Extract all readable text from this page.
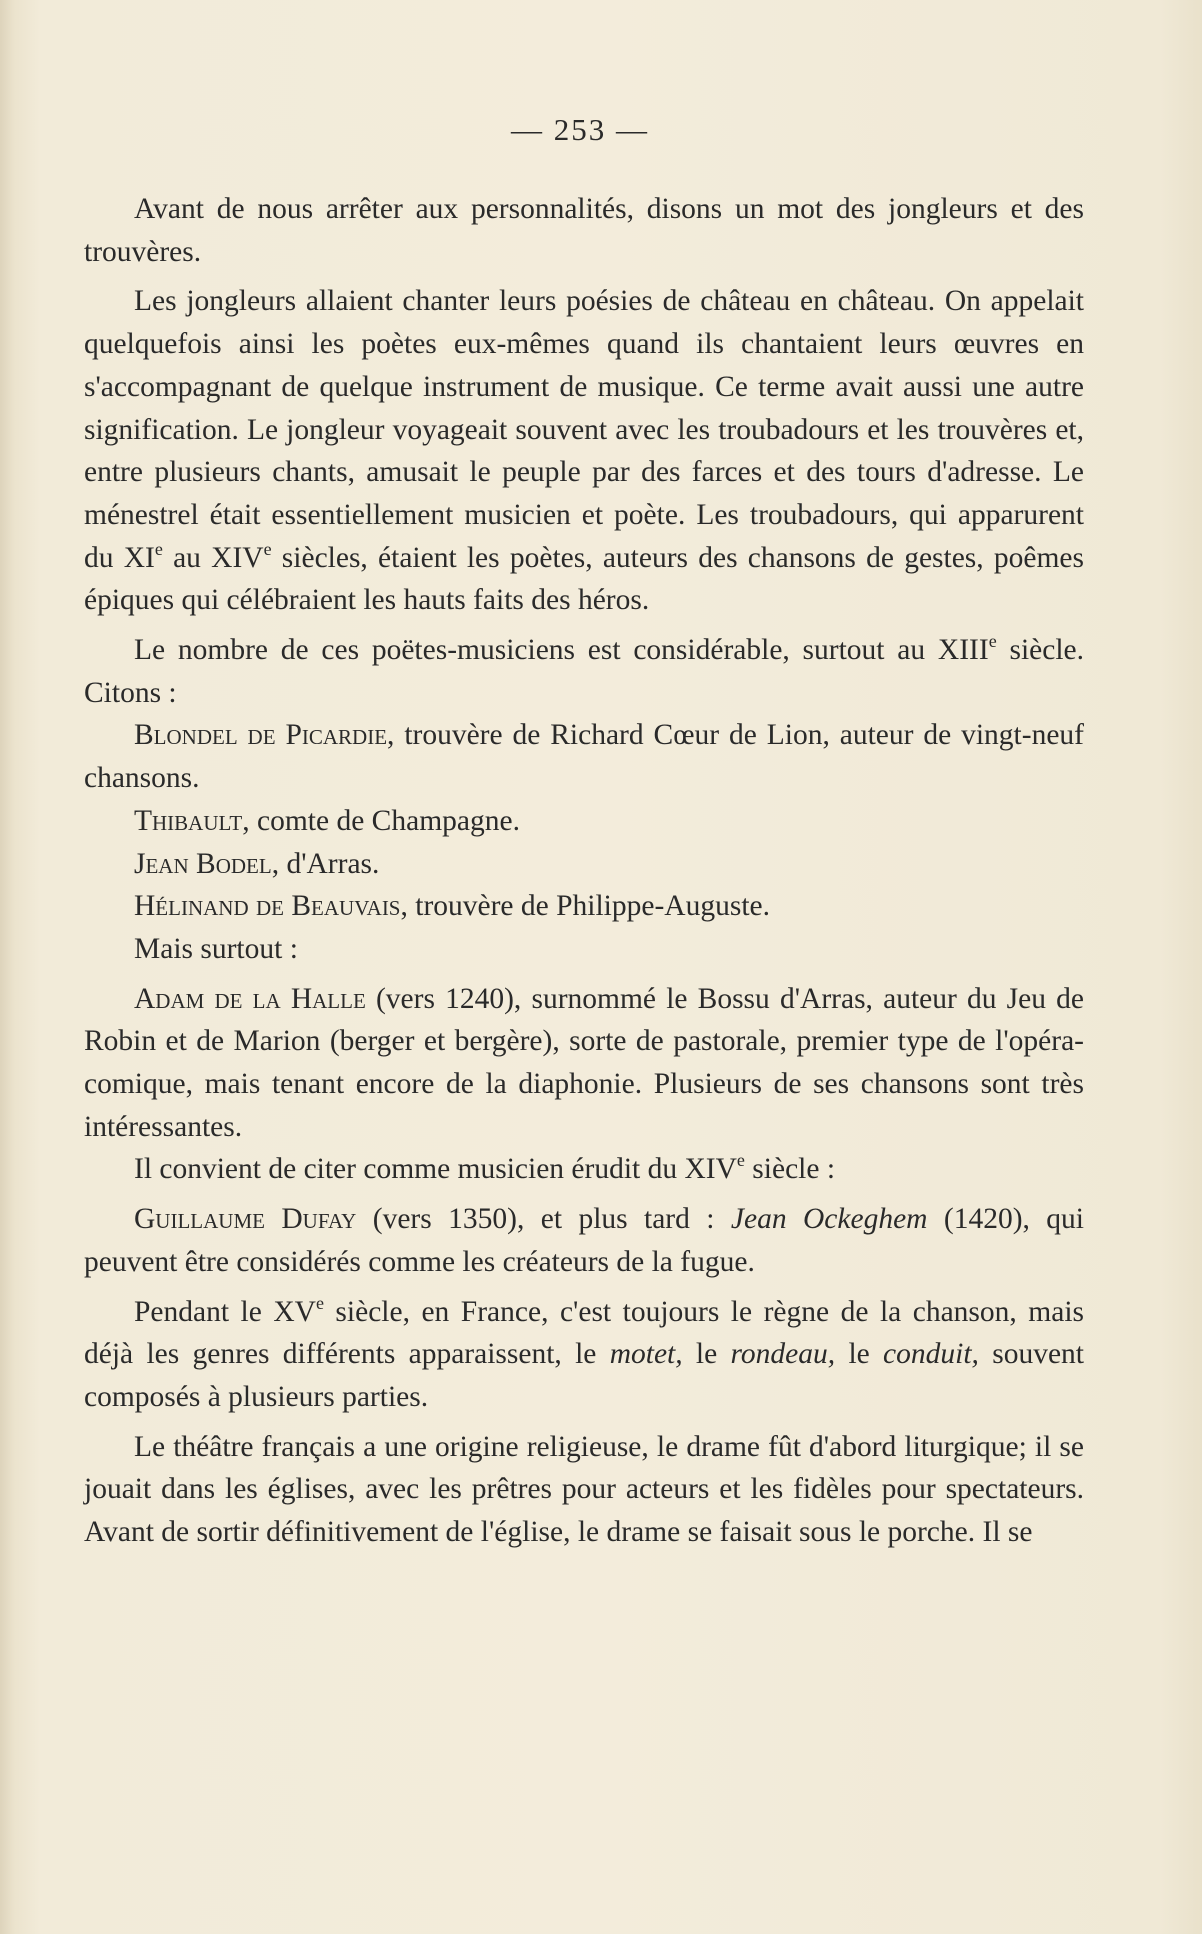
— 253 —

Avant de nous arrêter aux personnalités, disons un mot des jongleurs et des trouvères.

Les jongleurs allaient chanter leurs poésies de château en château. On appelait quelquefois ainsi les poètes eux-mêmes quand ils chantaient leurs œuvres en s'accompagnant de quelque instrument de musique. Ce terme avait aussi une autre signification. Le jongleur voyageait souvent avec les troubadours et les trouvères et, entre plusieurs chants, amusait le peuple par des farces et des tours d'adresse. Le ménestrel était essentiellement musicien et poète. Les troubadours, qui apparurent du XIe au XIVe siècles, étaient les poètes, auteurs des chansons de gestes, poêmes épiques qui célébraient les hauts faits des héros.

Le nombre de ces poëtes-musiciens est considérable, surtout au XIIIe siècle. Citons :

Blondel de Picardie, trouvère de Richard Cœur de Lion, auteur de vingt-neuf chansons.

Thibault, comte de Champagne.

Jean Bodel, d'Arras.

Hélinand de Beauvais, trouvère de Philippe-Auguste.

Mais surtout :

Adam de la Halle (vers 1240), surnommé le Bossu d'Arras, auteur du Jeu de Robin et de Marion (berger et bergère), sorte de pastorale, premier type de l'opéra-comique, mais tenant encore de la diaphonie. Plusieurs de ses chansons sont très intéressantes.

Il convient de citer comme musicien érudit du XIVe siècle :

Guillaume Dufay (vers 1350), et plus tard : Jean Ockeghem (1420), qui peuvent être considérés comme les créateurs de la fugue.

Pendant le XVe siècle, en France, c'est toujours le règne de la chanson, mais déjà les genres différents apparaissent, le motet, le rondeau, le conduit, souvent composés à plusieurs parties.

Le théâtre français a une origine religieuse, le drame fût d'abord liturgique; il se jouait dans les églises, avec les prêtres pour acteurs et les fidèles pour spectateurs. Avant de sortir définitivement de l'église, le drame se faisait sous le porche. Il se
